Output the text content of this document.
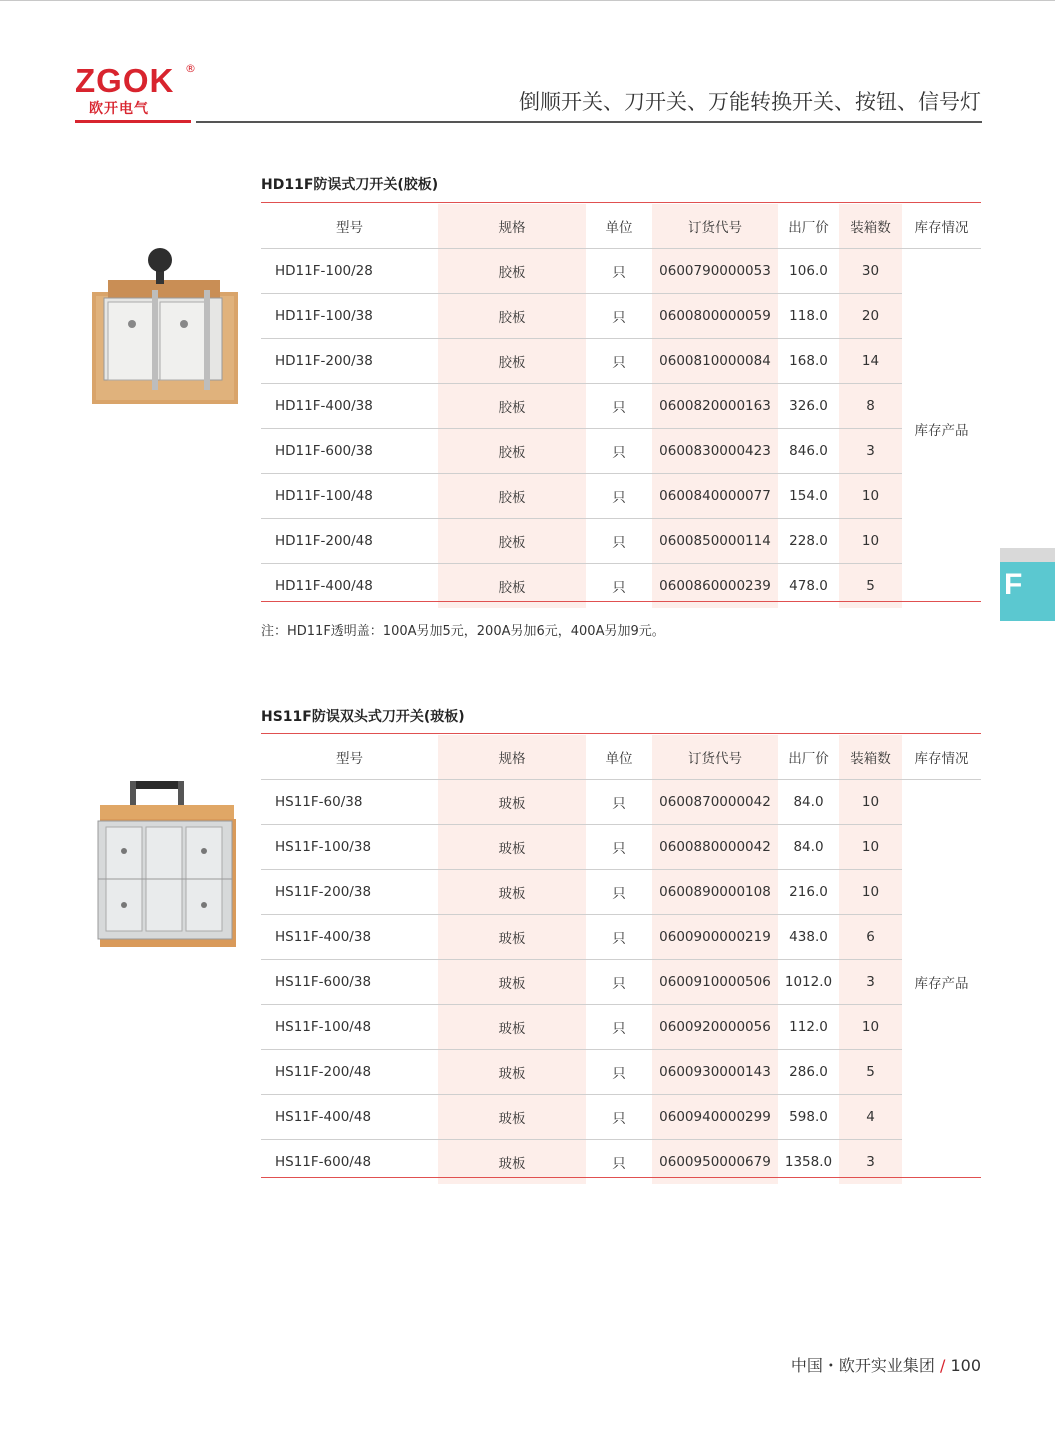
ZGOK ®
欧开电气	倒顺开关、刀开关、万能转换开关、按钮、信号灯
HD11F防误式刀开关(胶板)
型号	规格	单位	订货代号	出厂价	装箱数	库存情况
HD11F-100/28	胶板	只	0600790000053	106.0	30	库存产品
HD11F-100/38	胶板	只	0600800000059	118.0	20	
HD11F-200/38	胶板	只	0600810000084	168.0	14	
HD11F-400/38	胶板	只	0600820000163	326.0	8	
HD11F-600/38	胶板	只	0600830000423	846.0	3	
HD11F-100/48	胶板	只	0600840000077	154.0	10	
HD11F-200/48	胶板	只	0600850000114	228.0	10	
HD11F-400/48	胶板	只	0600860000239	478.0	5	
注：HD11F透明盖：100A另加5元，200A另加6元，400A另加9元。
F
HS11F防误双头式刀开关(玻板)
型号	规格	单位	订货代号	出厂价	装箱数	库存情况
HS11F-60/38	玻板	只	0600870000042	84.0	10	库存产品
HS11F-100/38	玻板	只	0600880000042	84.0	10	
HS11F-200/38	玻板	只	0600890000108	216.0	10	
HS11F-400/38	玻板	只	0600900000219	438.0	6	
HS11F-600/38	玻板	只	0600910000506	1012.0	3	
HS11F-100/48	玻板	只	0600920000056	112.0	10	
HS11F-200/48	玻板	只	0600930000143	286.0	5	
HS11F-400/48	玻板	只	0600940000299	598.0	4	
HS11F-600/48	玻板	只	0600950000679	1358.0	3	
中国・欧开实业集团 / 100
